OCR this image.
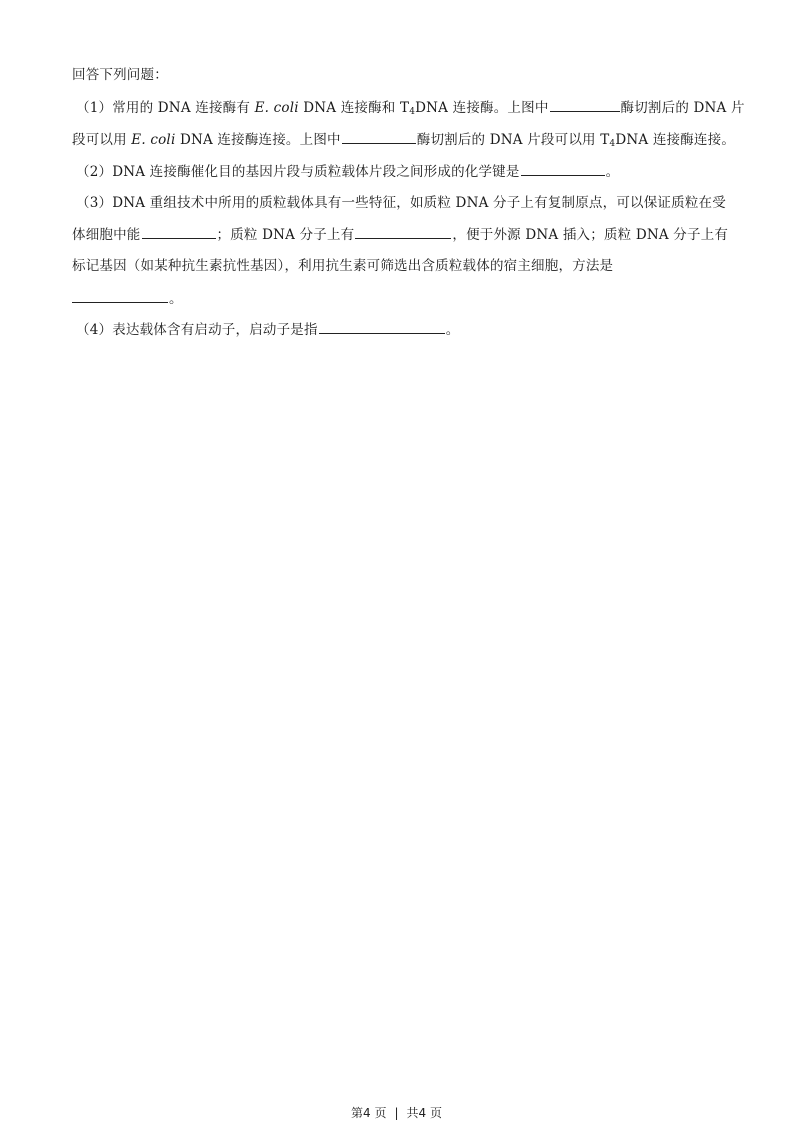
回答下列问题：
（1）常用的 DNA 连接酶有 E. coli DNA 连接酶和 $T_4DNA$ 连接酶。上图中	酶切割后的 DNA 片
段可以用 E. coli DNA 连接酶连接。上图中	酶切割后的 DNA 片段可以用 $T_4DNA$ 连接酶连接。
（2）DNA 连接酶催化目的基因片段与质粒载体片段之间形成的化学键是	。
（3）DNA 重组技术中所用的质粒载体具有一些特征，如质粒 DNA 分子上有复制原点，可以保证质粒在受
体细胞中能	；质粒 DNA 分子上有	，便于外源 DNA 插入；质粒 DNA 分子上有
标记基因（如某种抗生素抗性基因），利用抗生素可筛选出含质粒载体的宿主细胞，方法是
。
（4）表达载体含有启动子，启动子是指	。
第4 页 | 共4 页
